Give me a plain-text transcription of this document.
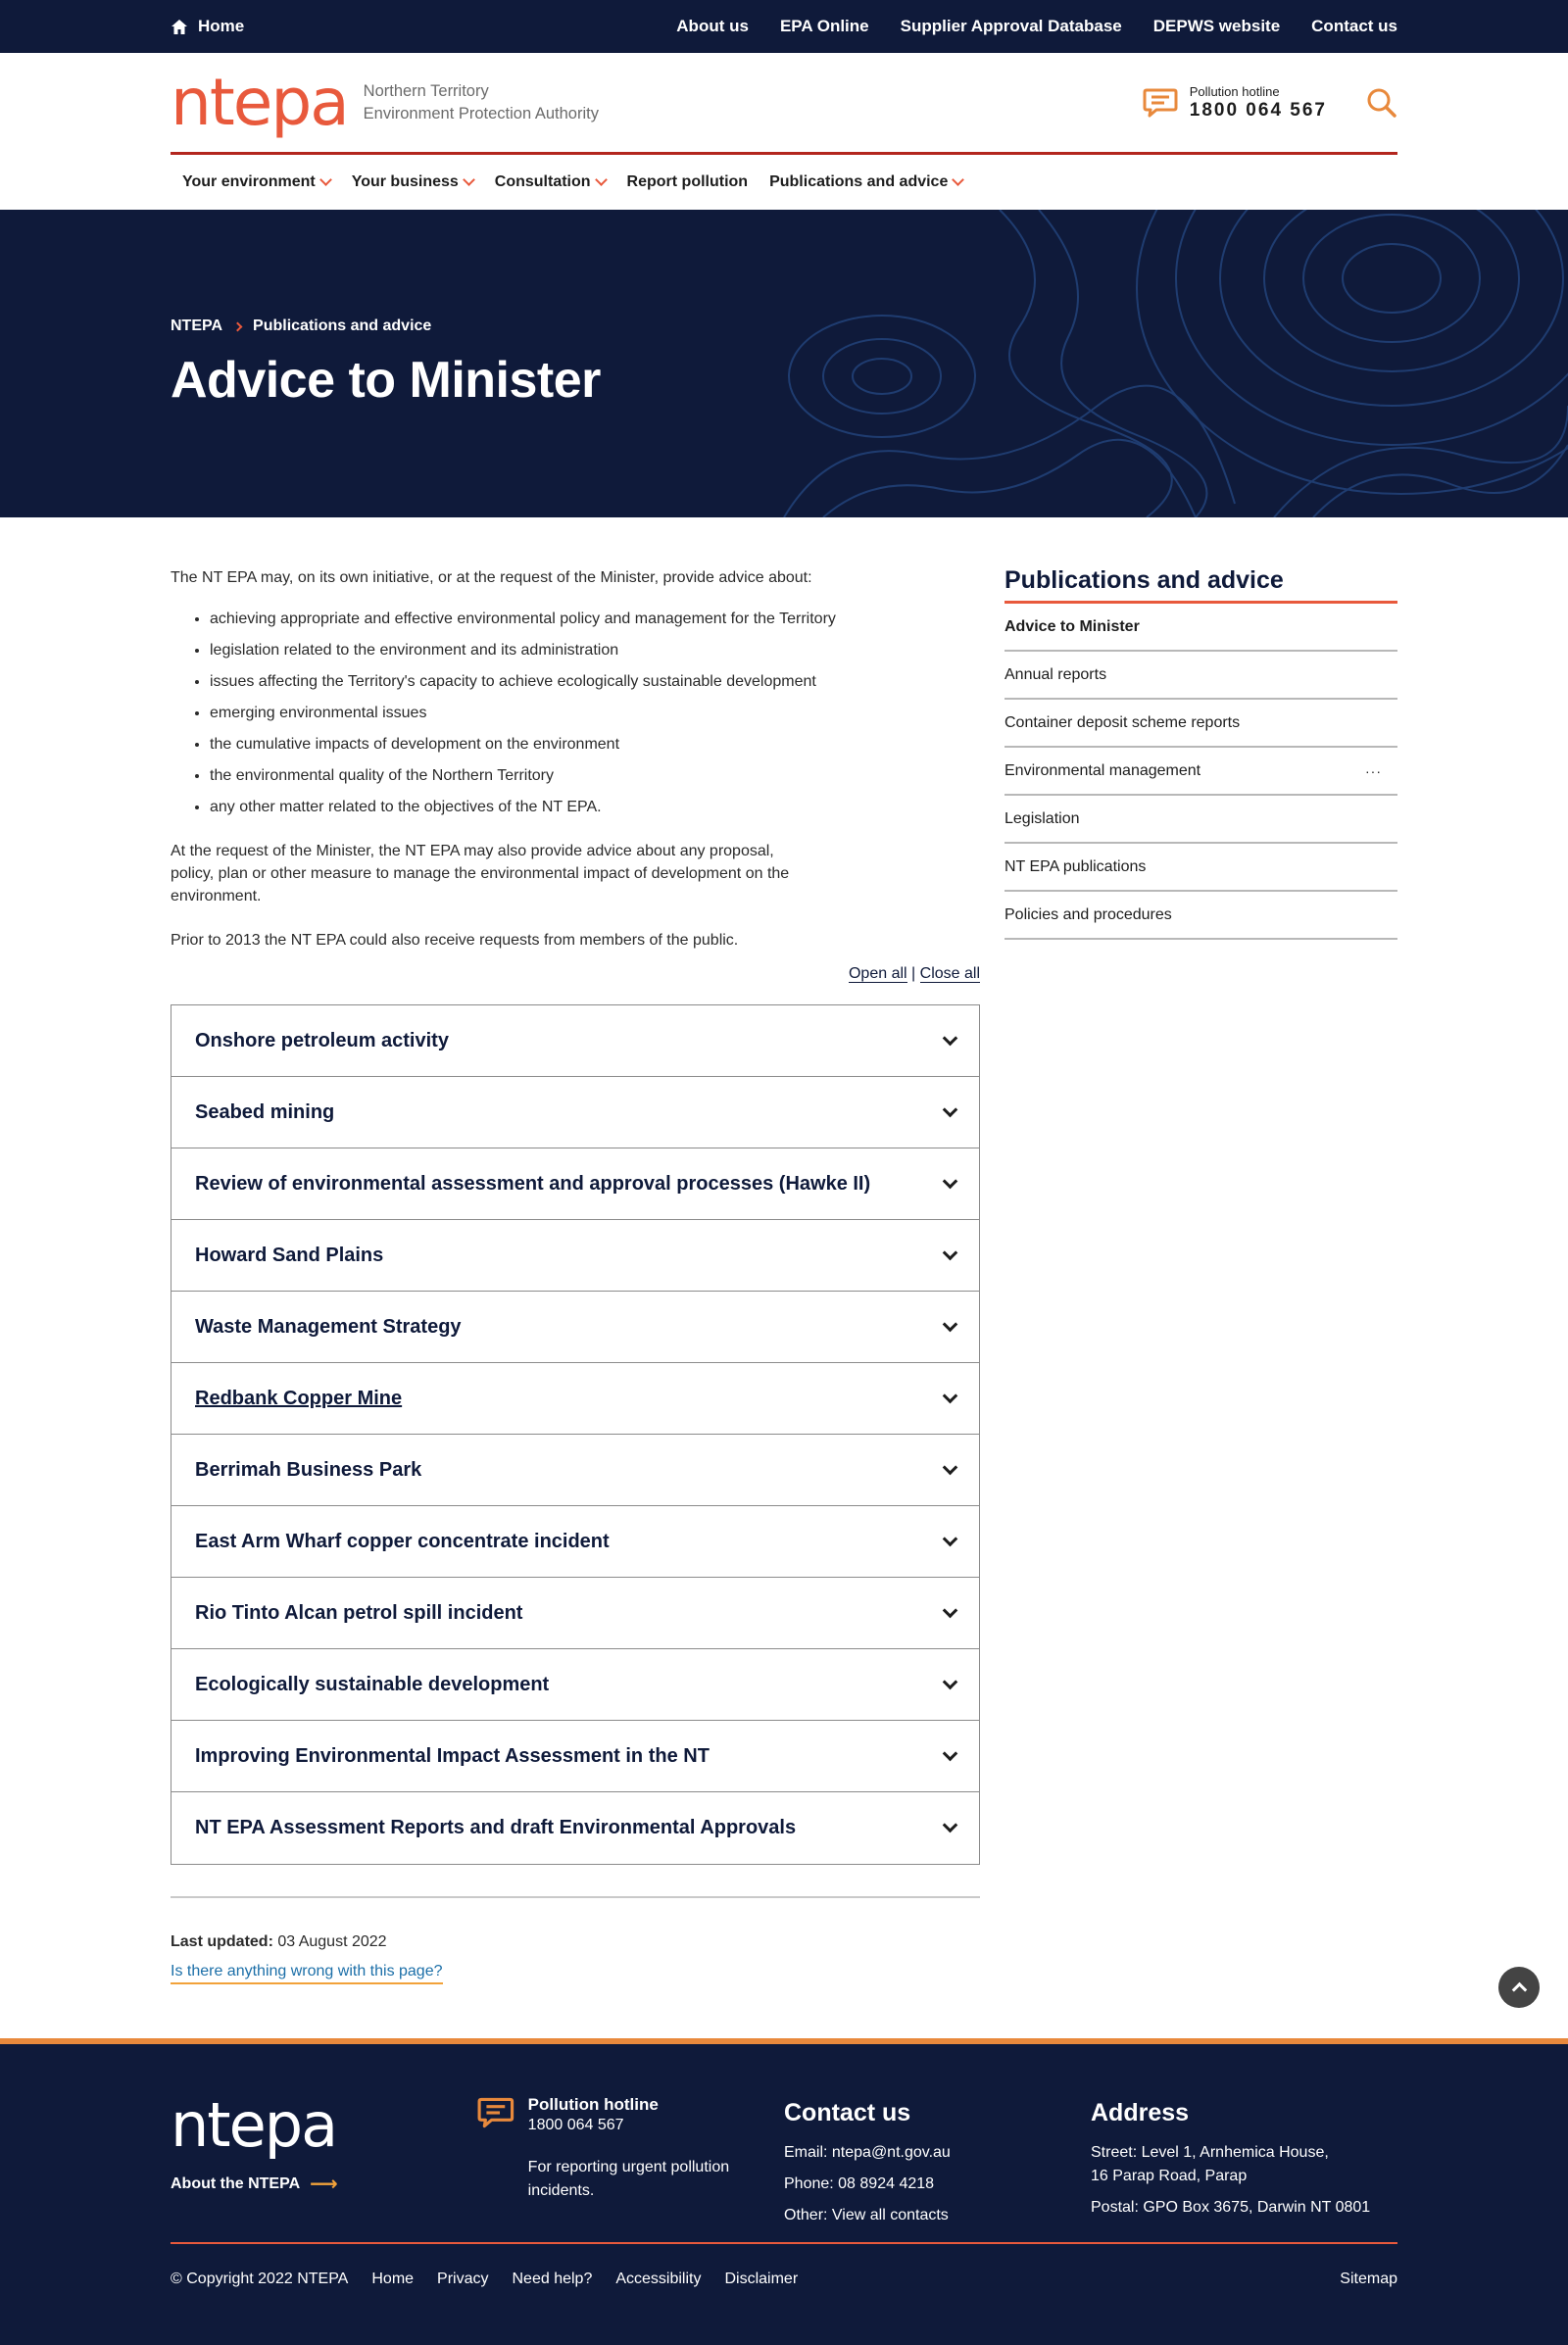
Home	About us EPA Online Supplier Approval Database DEPWS website Contact us
ntepa Northern Territory
Environment Protection Authority
Pollution hotline
1800 064 567
Your environment Your business Consultation Report pollution Publications and advice
NTEPA Publications and advice
Advice to Minister

The NT EPA may, on its own initiative, or at the request of the Minister, provide advice about:

• achieving appropriate and effective environmental policy and management for the Territory
• legislation related to the environment and its administration
• issues affecting the Territory's capacity to achieve ecologically sustainable development
• emerging environmental issues
• the cumulative impacts of development on the environment
• the environmental quality of the Northern Territory
• any other matter related to the objectives of the NT EPA.

At the request of the Minister, the NT EPA may also provide advice about any proposal, policy, plan or other measure to manage the environmental impact of development on the environment.

Prior to 2013 the NT EPA could also receive requests from members of the public.

Open all | Close all
Onshore petroleum activity
Seabed mining
Review of environmental assessment and approval processes (Hawke II)
Howard Sand Plains
Waste Management Strategy
Redbank Copper Mine
Berrimah Business Park
East Arm Wharf copper concentrate incident
Rio Tinto Alcan petrol spill incident
Ecologically sustainable development
Improving Environmental Impact Assessment in the NT
NT EPA Assessment Reports and draft Environmental Approvals
Last updated: 03 August 2022
Is there anything wrong with this page?
Publications and advice
Advice to Minister
Annual reports
Container deposit scheme reports
Environmental management	···
Legislation
NT EPA publications
Policies and procedures
ntepa
About the NTEPA ⟶
Pollution hotline
1800 064 567
For reporting urgent pollution incidents.
Contact us
Email: ntepa@nt.gov.au
Phone: 08 8924 4218
Other: View all contacts
Address
Street: Level 1, Arnhemica House,
16 Parap Road, Parap
Postal: GPO Box 3675, Darwin NT 0801
© Copyright 2022 NTEPA Home Privacy Need help? Accessibility Disclaimer	Sitemap
